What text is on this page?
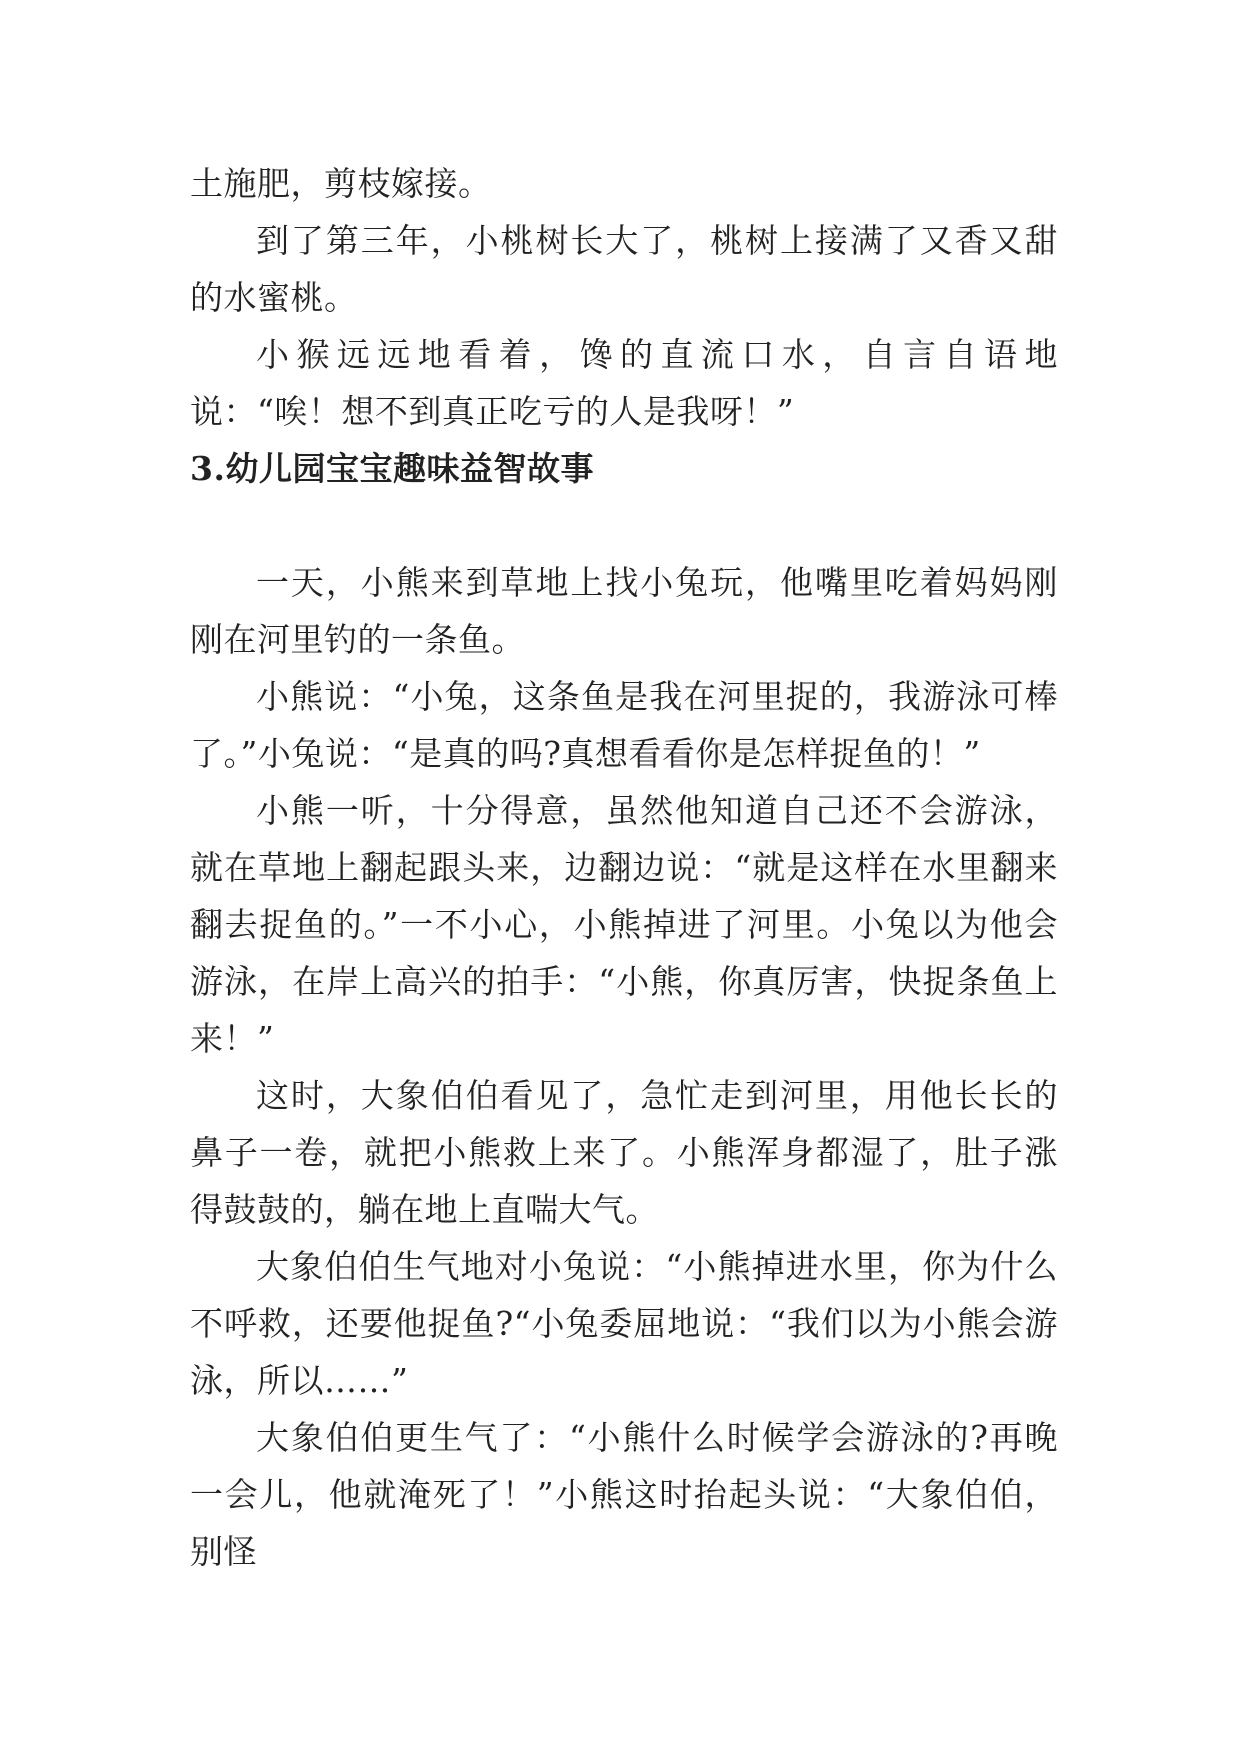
土施肥，剪枝嫁接。

到了第三年，小桃树长大了，桃树上接满了又香又甜的水蜜桃。

小猴远远地看着，馋的直流口水，自言自语地说：“唉！想不到真正吃亏的人是我呀！”

3.幼儿园宝宝趣味益智故事

一天，小熊来到草地上找小兔玩，他嘴里吃着妈妈刚刚在河里钓的一条鱼。

小熊说：“小兔，这条鱼是我在河里捉的，我游泳可棒了。”小兔说：“是真的吗?真想看看你是怎样捉鱼的！”

小熊一听，十分得意，虽然他知道自己还不会游泳，就在草地上翻起跟头来，边翻边说：“就是这样在水里翻来翻去捉鱼的。”一不小心，小熊掉进了河里。小兔以为他会游泳，在岸上高兴的拍手：“小熊，你真厉害，快捉条鱼上来！”

这时，大象伯伯看见了，急忙走到河里，用他长长的鼻子一卷，就把小熊救上来了。小熊浑身都湿了，肚子涨得鼓鼓的，躺在地上直喘大气。

大象伯伯生气地对小兔说：“小熊掉进水里，你为什么不呼救，还要他捉鱼?“小兔委屈地说：“我们以为小熊会游泳，所以……”

大象伯伯更生气了：“小熊什么时候学会游泳的?再晚一会儿，他就淹死了！”小熊这时抬起头说：“大象伯伯，别怪
